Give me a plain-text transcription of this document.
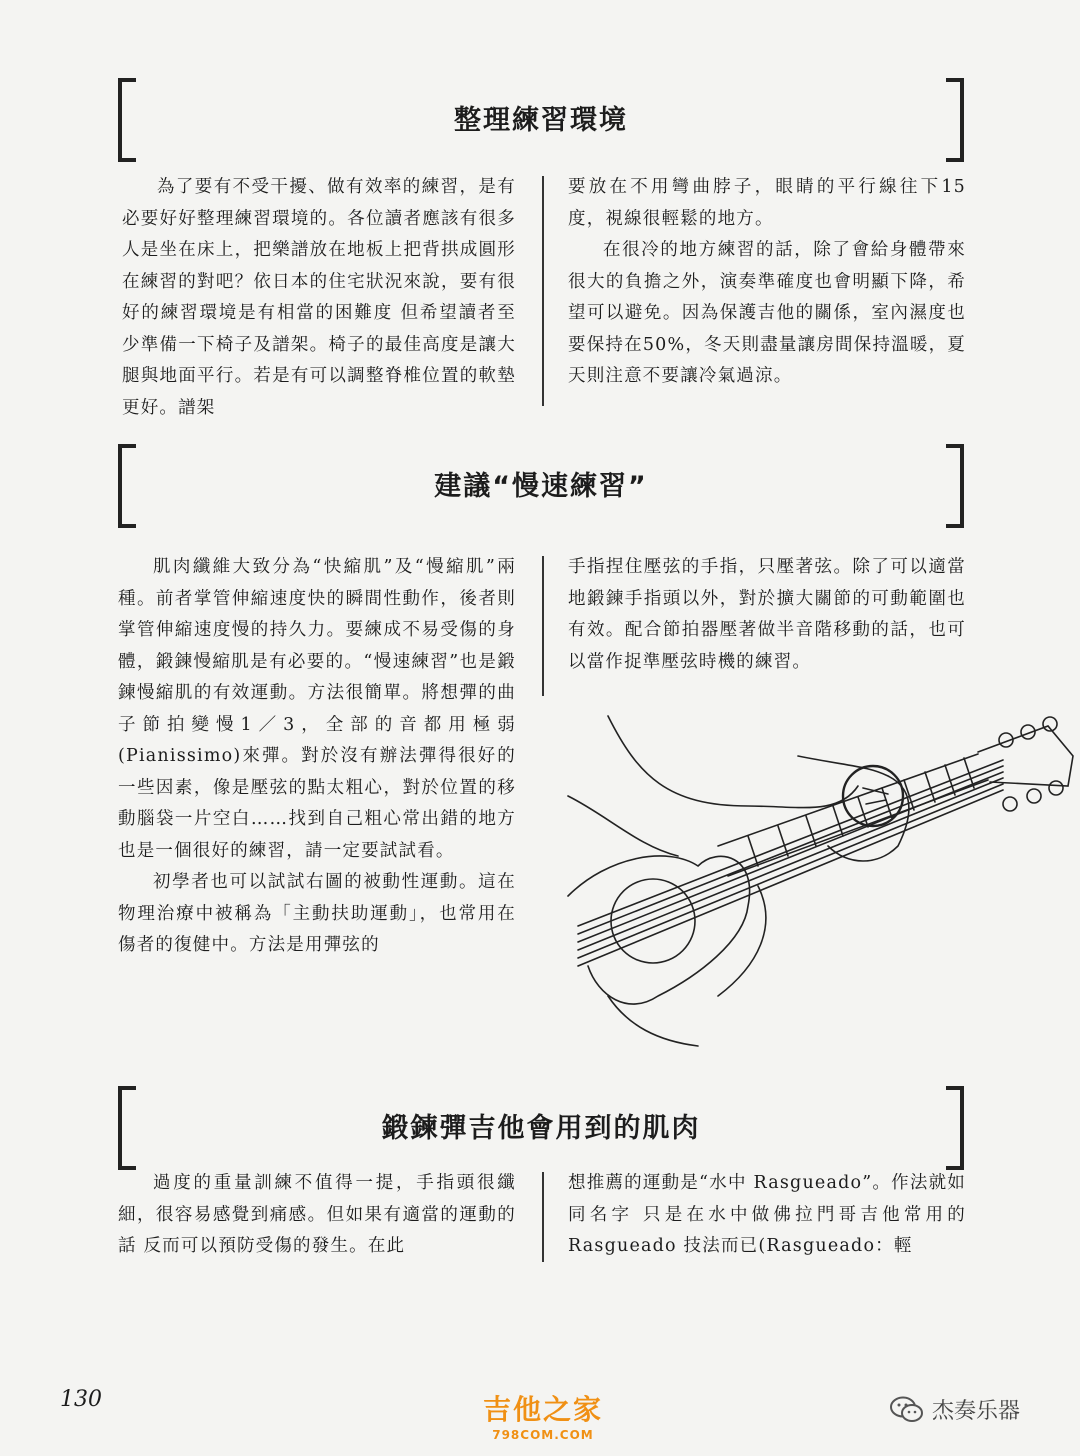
整理練習環境

為了要有不受干擾、做有效率的練習，是有必要好好整理練習環境的。各位讀者應該有很多人是坐在床上，把樂譜放在地板上把背拱成圓形在練習的對吧？依日本的住宅狀況來說，要有很好的練習環境是有相當的困難度 但希望讀者至少準備一下椅子及譜架。椅子的最佳高度是讓大腿與地面平行。若是有可以調整脊椎位置的軟墊更好。譜架

要放在不用彎曲脖子，眼睛的平行線往下15度，視線很輕鬆的地方。

在很冷的地方練習的話，除了會給身體帶來很大的負擔之外，演奏準確度也會明顯下降，希望可以避免。因為保護吉他的關係，室內濕度也要保持在50%，冬天則盡量讓房間保持溫暖，夏天則注意不要讓冷氣過涼。

建議“慢速練習”

肌肉纖維大致分為“快縮肌”及“慢縮肌”兩種。前者掌管伸縮速度快的瞬間性動作，後者則掌管伸縮速度慢的持久力。要練成不易受傷的身體，鍛鍊慢縮肌是有必要的。“慢速練習”也是鍛鍊慢縮肌的有效運動。方法很簡單。將想彈的曲子節拍變慢1／3，全部的音都用極弱(Pianissimo)來彈。對於沒有辦法彈得很好的一些因素，像是壓弦的點太粗心，對於位置的移動腦袋一片空白……找到自己粗心常出錯的地方 也是一個很好的練習，請一定要試試看。

初學者也可以試試右圖的被動性運動。這在物理治療中被稱為「主動扶助運動」，也常用在傷者的復健中。方法是用彈弦的

手指捏住壓弦的手指，只壓著弦。除了可以適當地鍛鍊手指頭以外，對於擴大關節的可動範圍也有效。配合節拍器壓著做半音階移動的話，也可以當作捉準壓弦時機的練習。

鍛鍊彈吉他會用到的肌肉

過度的重量訓練不值得一提，手指頭很纖細，很容易感覺到痛感。但如果有適當的運動的話 反而可以預防受傷的發生。在此

想推薦的運動是“水中 Rasgueado”。作法就如同名字 只是在水中做佛拉門哥吉他常用的 Rasgueado 技法而已(Rasgueado：輕

130	吉他之家
798COM.COM
杰奏乐器
